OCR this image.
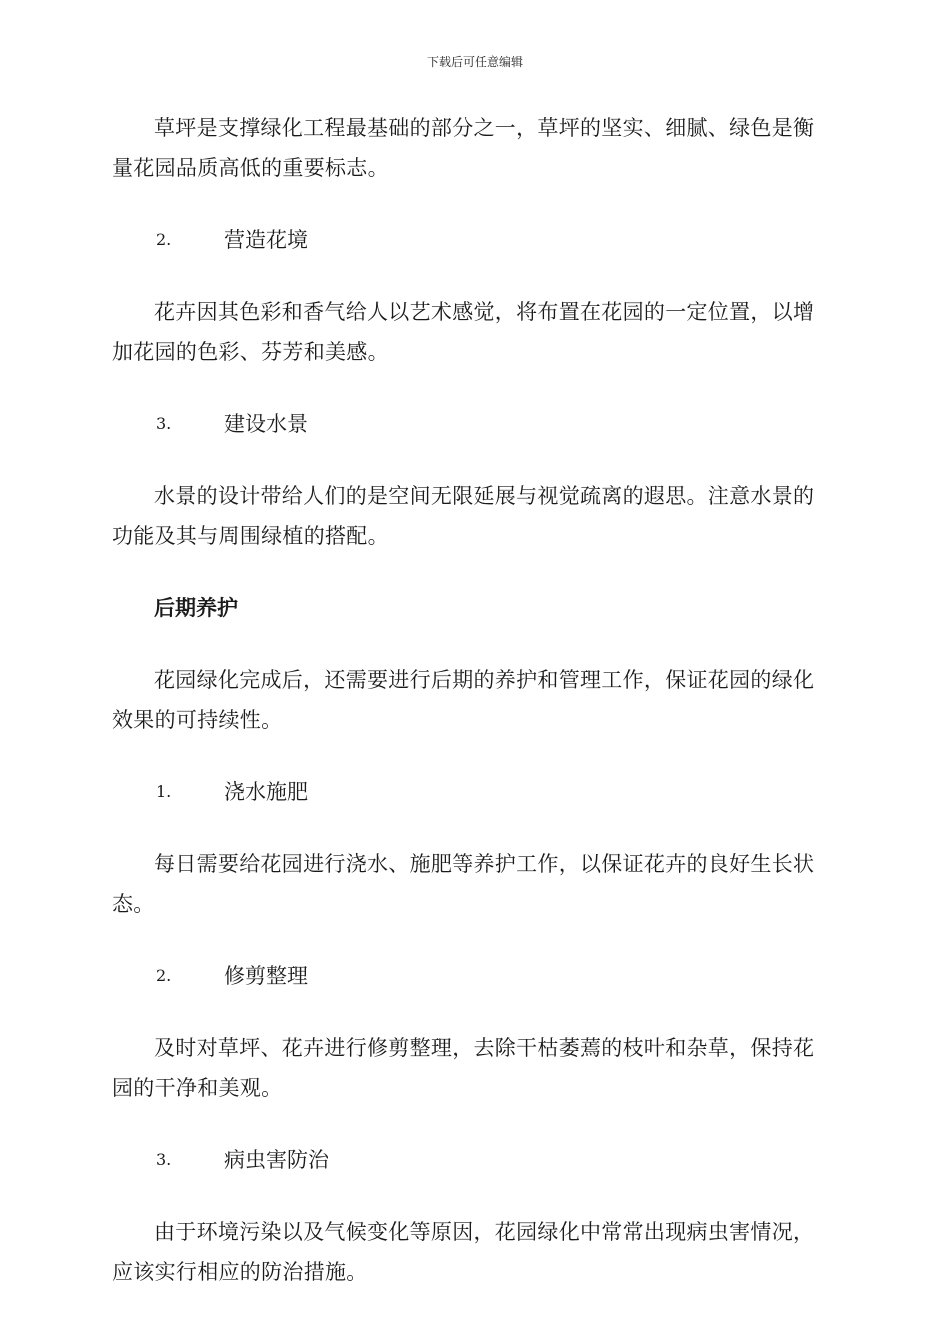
下载后可任意编辑

草坪是支撑绿化工程最基础的部分之一，草坪的坚实、细腻、绿色是衡量花园品质高低的重要标志。

2.	营造花境

花卉因其色彩和香气给人以艺术感觉，将布置在花园的一定位置，以增加花园的色彩、芬芳和美感。

3.	建设水景

水景的设计带给人们的是空间无限延展与视觉疏离的遐思。注意水景的功能及其与周围绿植的搭配。

后期养护

花园绿化完成后，还需要进行后期的养护和管理工作，保证花园的绿化效果的可持续性。

1.	浇水施肥

每日需要给花园进行浇水、施肥等养护工作，以保证花卉的良好生长状态。

2.	修剪整理

及时对草坪、花卉进行修剪整理，去除干枯萎蔫的枝叶和杂草，保持花园的干净和美观。

3.	病虫害防治

由于环境污染以及气候变化等原因，花园绿化中常常出现病虫害情况，应该实行相应的防治措施。
